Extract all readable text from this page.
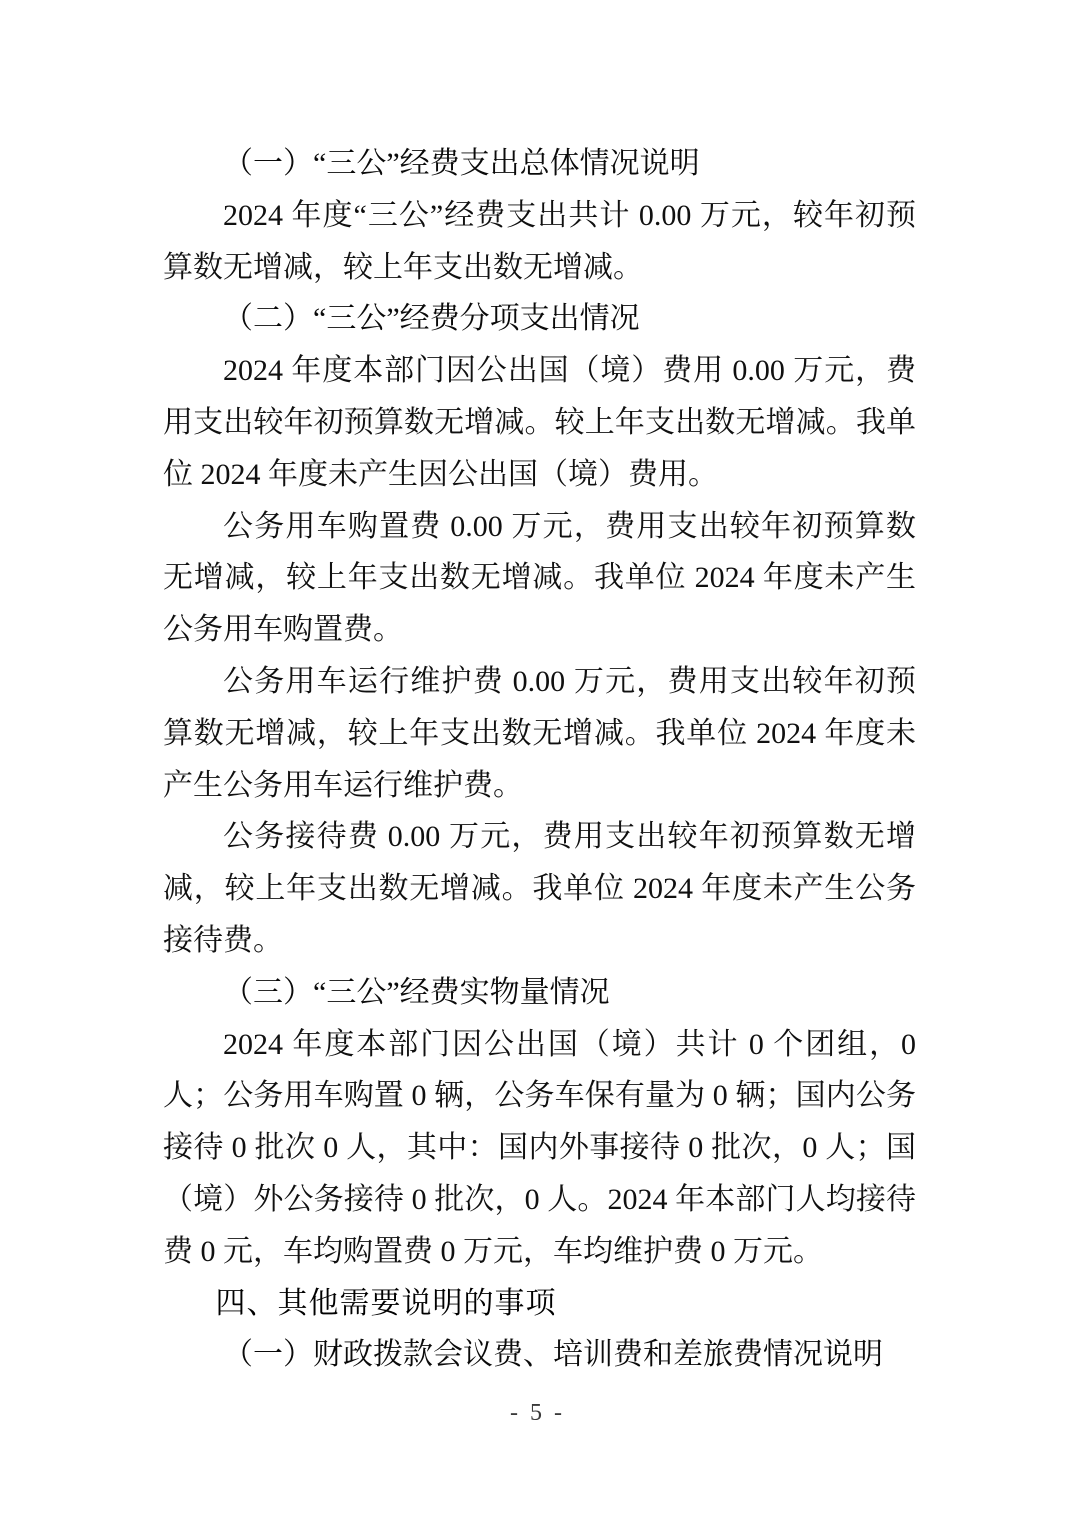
（一）“三公”经费支出总体情况说明

2024 年度“三公”经费支出共计 0.00 万元，较年初预算数无增减，较上年支出数无增减。

（二）“三公”经费分项支出情况

2024 年度本部门因公出国（境）费用 0.00 万元，费用支出较年初预算数无增减。较上年支出数无增减。我单位 2024 年度未产生因公出国（境）费用。

公务用车购置费 0.00 万元，费用支出较年初预算数无增减，较上年支出数无增减。我单位 2024 年度未产生公务用车购置费。

公务用车运行维护费 0.00 万元，费用支出较年初预算数无增减，较上年支出数无增减。我单位 2024 年度未产生公务用车运行维护费。

公务接待费 0.00 万元，费用支出较年初预算数无增减，较上年支出数无增减。我单位 2024 年度未产生公务接待费。

（三）“三公”经费实物量情况

2024 年度本部门因公出国（境）共计 0 个团组，0 人；公务用车购置 0 辆，公务车保有量为 0 辆；国内公务接待 0 批次 0 人，其中：国内外事接待 0 批次，0 人；国（境）外公务接待 0 批次，0 人。2024 年本部门人均接待费 0 元，车均购置费 0 万元，车均维护费 0 万元。

四、其他需要说明的事项
（一）财政拨款会议费、培训费和差旅费情况说明
- 5 -
